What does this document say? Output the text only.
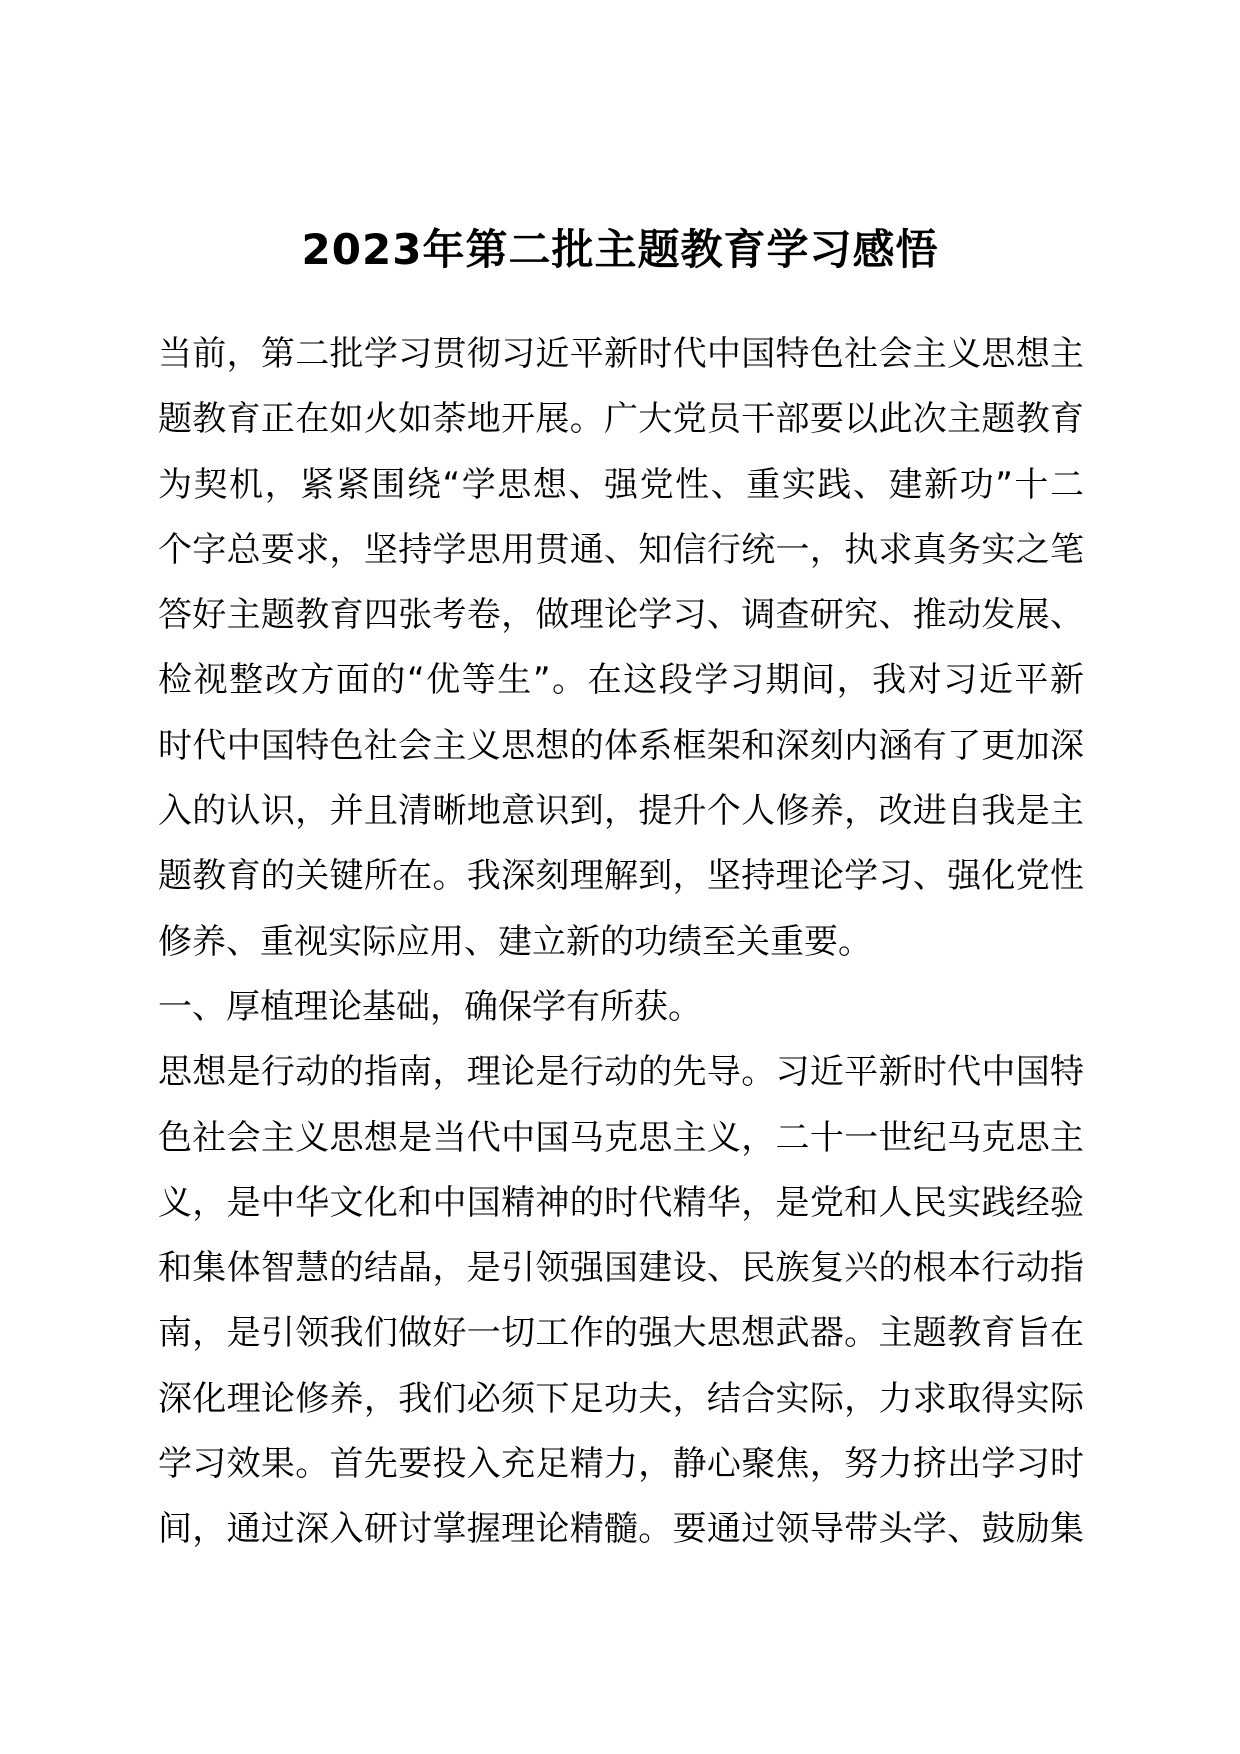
2023年第二批主题教育学习感悟
当前，第二批学习贯彻习近平新时代中国特色社会主义思想主
题教育正在如火如荼地开展。广大党员干部要以此次主题教育
为契机，紧紧围绕“学思想、强党性、重实践、建新功”十二
个字总要求，坚持学思用贯通、知信行统一，执求真务实之笔
答好主题教育四张考卷，做理论学习、调查研究、推动发展、
检视整改方面的“优等生”。在这段学习期间，我对习近平新
时代中国特色社会主义思想的体系框架和深刻内涵有了更加深
入的认识，并且清晰地意识到，提升个人修养，改进自我是主
题教育的关键所在。我深刻理解到，坚持理论学习、强化党性
修养、重视实际应用、建立新的功绩至关重要。
一、厚植理论基础，确保学有所获。
思想是行动的指南，理论是行动的先导。习近平新时代中国特
色社会主义思想是当代中国马克思主义，二十一世纪马克思主
义，是中华文化和中国精神的时代精华，是党和人民实践经验
和集体智慧的结晶，是引领强国建设、民族复兴的根本行动指
南，是引领我们做好一切工作的强大思想武器。主题教育旨在
深化理论修养，我们必须下足功夫，结合实际，力求取得实际
学习效果。首先要投入充足精力，静心聚焦，努力挤出学习时
间，通过深入研讨掌握理论精髓。要通过领导带头学、鼓励集
